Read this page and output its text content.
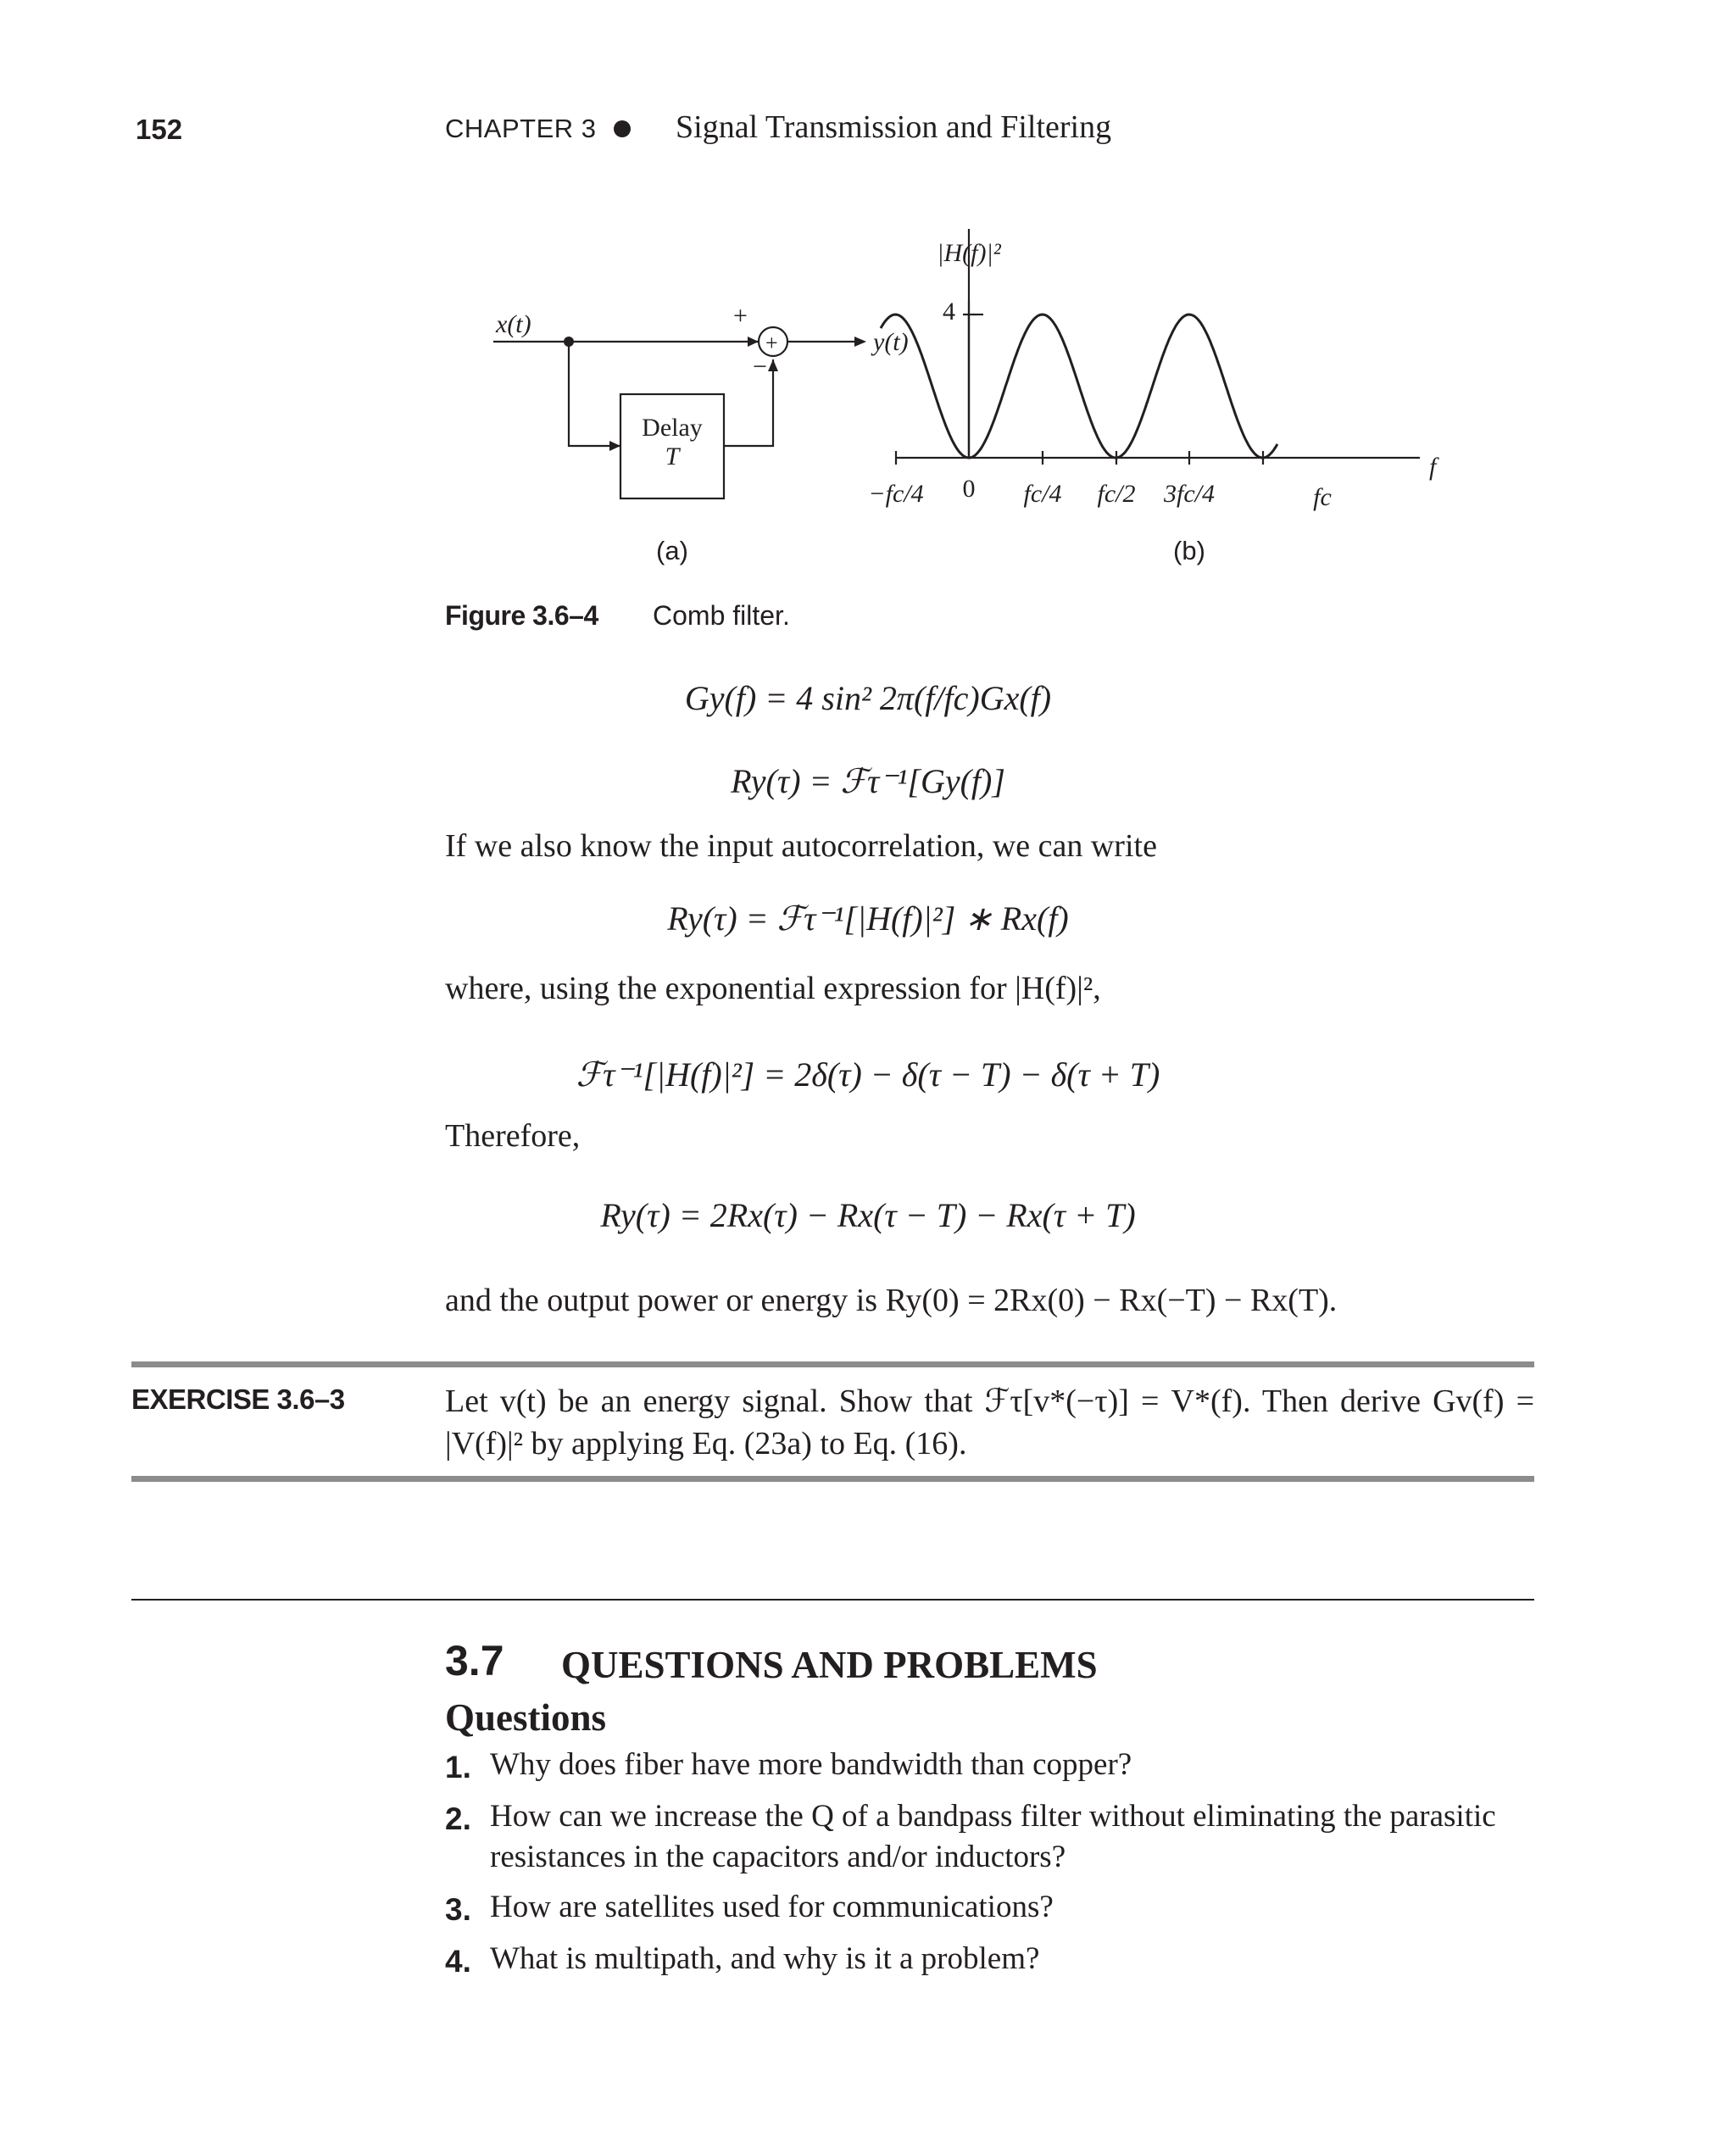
152	CHAPTER 3 Signal Transmission and Filtering
x(t)
y(t)
+
−
+
Delay
T
|H(f)|²
4
f
−fc/4 0 fc/4 fc/2 3fc/4	fc
(a)	(b)
Figure 3.6–4 Comb filter.
Gy(f) = 4 sin² 2π(f/fc)Gx(f)
Ry(τ) = ℱτ⁻¹[Gy(f)]
If we also know the input autocorrelation, we can write
Ry(τ) = ℱτ⁻¹[|H(f)|²] ∗ Rx(f)
where, using the exponential expression for |H(f)|²,
ℱτ⁻¹[|H(f)|²] = 2δ(τ) − δ(τ − T) − δ(τ + T)
Therefore,
Ry(τ) = 2Rx(τ) − Rx(τ − T) − Rx(τ + T)
and the output power or energy is Ry(0) = 2Rx(0) − Rx(−T) − Rx(T).
EXERCISE 3.6–3	Let v(t) be an energy signal. Show that ℱτ[v*(−τ)] = V*(f). Then derive Gv(f) = |V(f)|² by applying Eq. (23a) to Eq. (16).
3.7 QUESTIONS AND PROBLEMS
Questions
1. Why does fiber have more bandwidth than copper?
2. How can we increase the Q of a bandpass filter without eliminating the parasitic resistances in the capacitors and/or inductors?
3. How are satellites used for communications?
4. What is multipath, and why is it a problem?
